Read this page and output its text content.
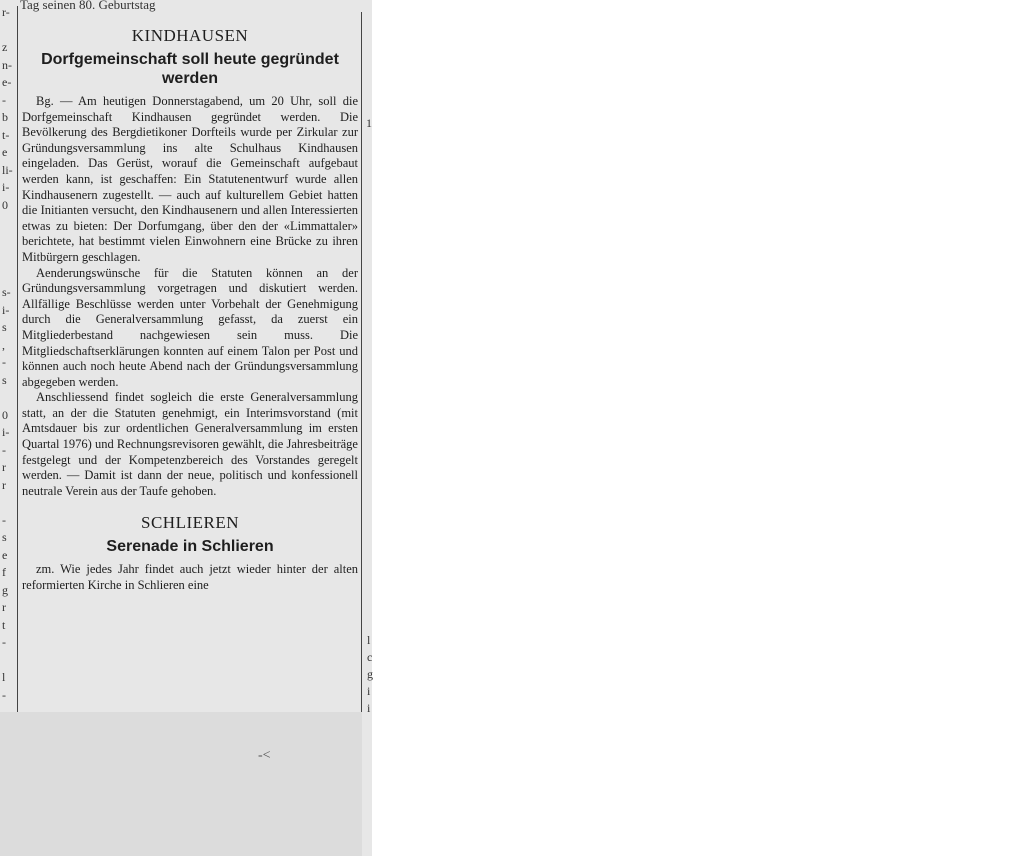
Tag seinen 80. Geburtstag
r-
z
n-
e-
-
b
t-
e
li-
i-
0
s-
i-
s
,
-
s
0
i-
-
r
r
-
s
e
f
g
r
t
-
l
-
1
l
c
g
i
i
KINDHAUSEN
Dorfgemeinschaft soll heute gegründet werden

Bg. — Am heutigen Donnerstagabend, um 20 Uhr, soll die Dorfgemeinschaft Kindhausen gegründet werden. Die Bevölkerung des Bergdietikoner Dorfteils wurde per Zirkular zur Gründungsversammlung ins alte Schulhaus Kindhausen eingeladen. Das Gerüst, worauf die Gemeinschaft aufgebaut werden kann, ist geschaffen: Ein Statutenentwurf wurde allen Kindhausenern zugestellt. — auch auf kulturellem Gebiet hatten die Initianten versucht, den Kindhausenern und allen Interessierten etwas zu bieten: Der Dorfumgang, über den der «Limmattaler» berichtete, hat bestimmt vielen Einwohnern eine Brücke zu ihren Mitbürgern geschlagen.

Aenderungswünsche für die Statuten können an der Gründungsversammlung vorgetragen und diskutiert werden. Allfällige Beschlüsse werden unter Vorbehalt der Genehmigung durch die Generalversammlung gefasst, da zuerst ein Mitgliederbestand nachgewiesen sein muss. Die Mitgliedschaftserklärungen konnten auf einem Talon per Post und können auch noch heute Abend nach der Gründungsversammlung abgegeben werden.

Anschliessend findet sogleich die erste Generalversammlung statt, an der die Statuten genehmigt, ein Interimsvorstand (mit Amtsdauer bis zur ordentlichen Generalversammlung im ersten Quartal 1976) und Rechnungsrevisoren gewählt, die Jahresbeiträge festgelegt und der Kompetenzbereich des Vorstandes geregelt werden. — Damit ist dann der neue, politisch und konfessionell neutrale Verein aus der Taufe gehoben.

SCHLIEREN
Serenade in Schlieren

zm. Wie jedes Jahr findet auch jetzt wieder hinter der alten reformierten Kirche in Schlieren eine

-<
